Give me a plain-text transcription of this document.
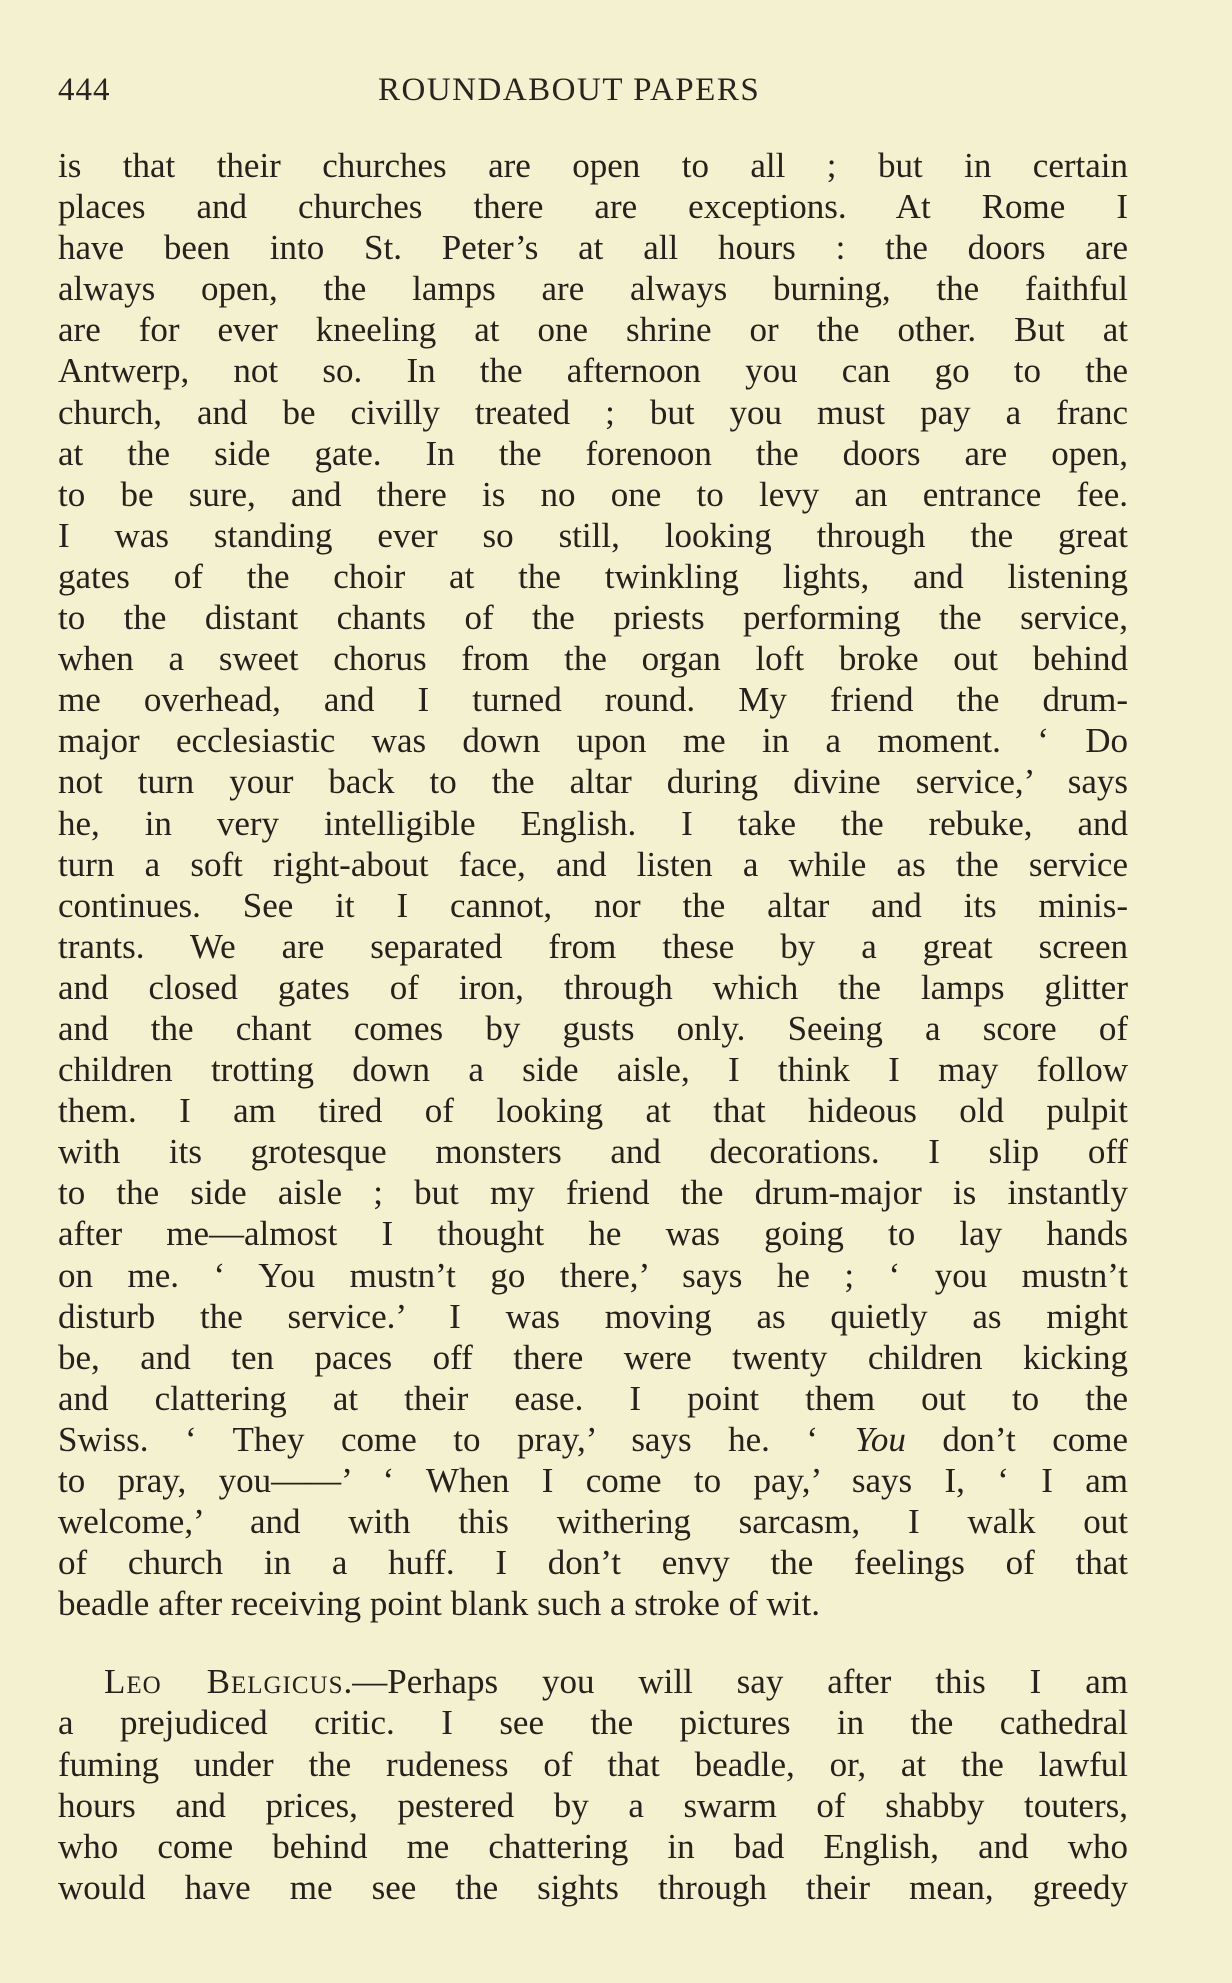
444	ROUNDABOUT PAPERS
is that their churches are open to all ; but in certain
places and churches there are exceptions. At Rome I
have been into St. Peter’s at all hours : the doors are
always open, the lamps are always burning, the faithful
are for ever kneeling at one shrine or the other. But at
Antwerp, not so. In the afternoon you can go to the
church, and be civilly treated ; but you must pay a franc
at the side gate. In the forenoon the doors are open,
to be sure, and there is no one to levy an entrance fee.
I was standing ever so still, looking through the great
gates of the choir at the twinkling lights, and listening
to the distant chants of the priests performing the service,
when a sweet chorus from the organ loft broke out behind
me overhead, and I turned round. My friend the drum-
major ecclesiastic was down upon me in a moment. ‘ Do
not turn your back to the altar during divine service,’ says
he, in very intelligible English. I take the rebuke, and
turn a soft right-about face, and listen a while as the service
continues. See it I cannot, nor the altar and its minis-
trants. We are separated from these by a great screen
and closed gates of iron, through which the lamps glitter
and the chant comes by gusts only. Seeing a score of
children trotting down a side aisle, I think I may follow
them. I am tired of looking at that hideous old pulpit
with its grotesque monsters and decorations. I slip off
to the side aisle ; but my friend the drum-major is instantly
after me—almost I thought he was going to lay hands
on me. ‘ You mustn’t go there,’ says he ; ‘ you mustn’t
disturb the service.’ I was moving as quietly as might
be, and ten paces off there were twenty children kicking
and clattering at their ease. I point them out to the
Swiss. ‘ They come to pray,’ says he. ‘ You don’t come
to pray, you——’ ‘ When I come to pay,’ says I, ‘ I am
welcome,’ and with this withering sarcasm, I walk out
of church in a huff. I don’t envy the feelings of that
beadle after receiving point blank such a stroke of wit.
Leo Belgicus.—Perhaps you will say after this I am
a prejudiced critic. I see the pictures in the cathedral
fuming under the rudeness of that beadle, or, at the lawful
hours and prices, pestered by a swarm of shabby touters,
who come behind me chattering in bad English, and who
would have me see the sights through their mean, greedy
